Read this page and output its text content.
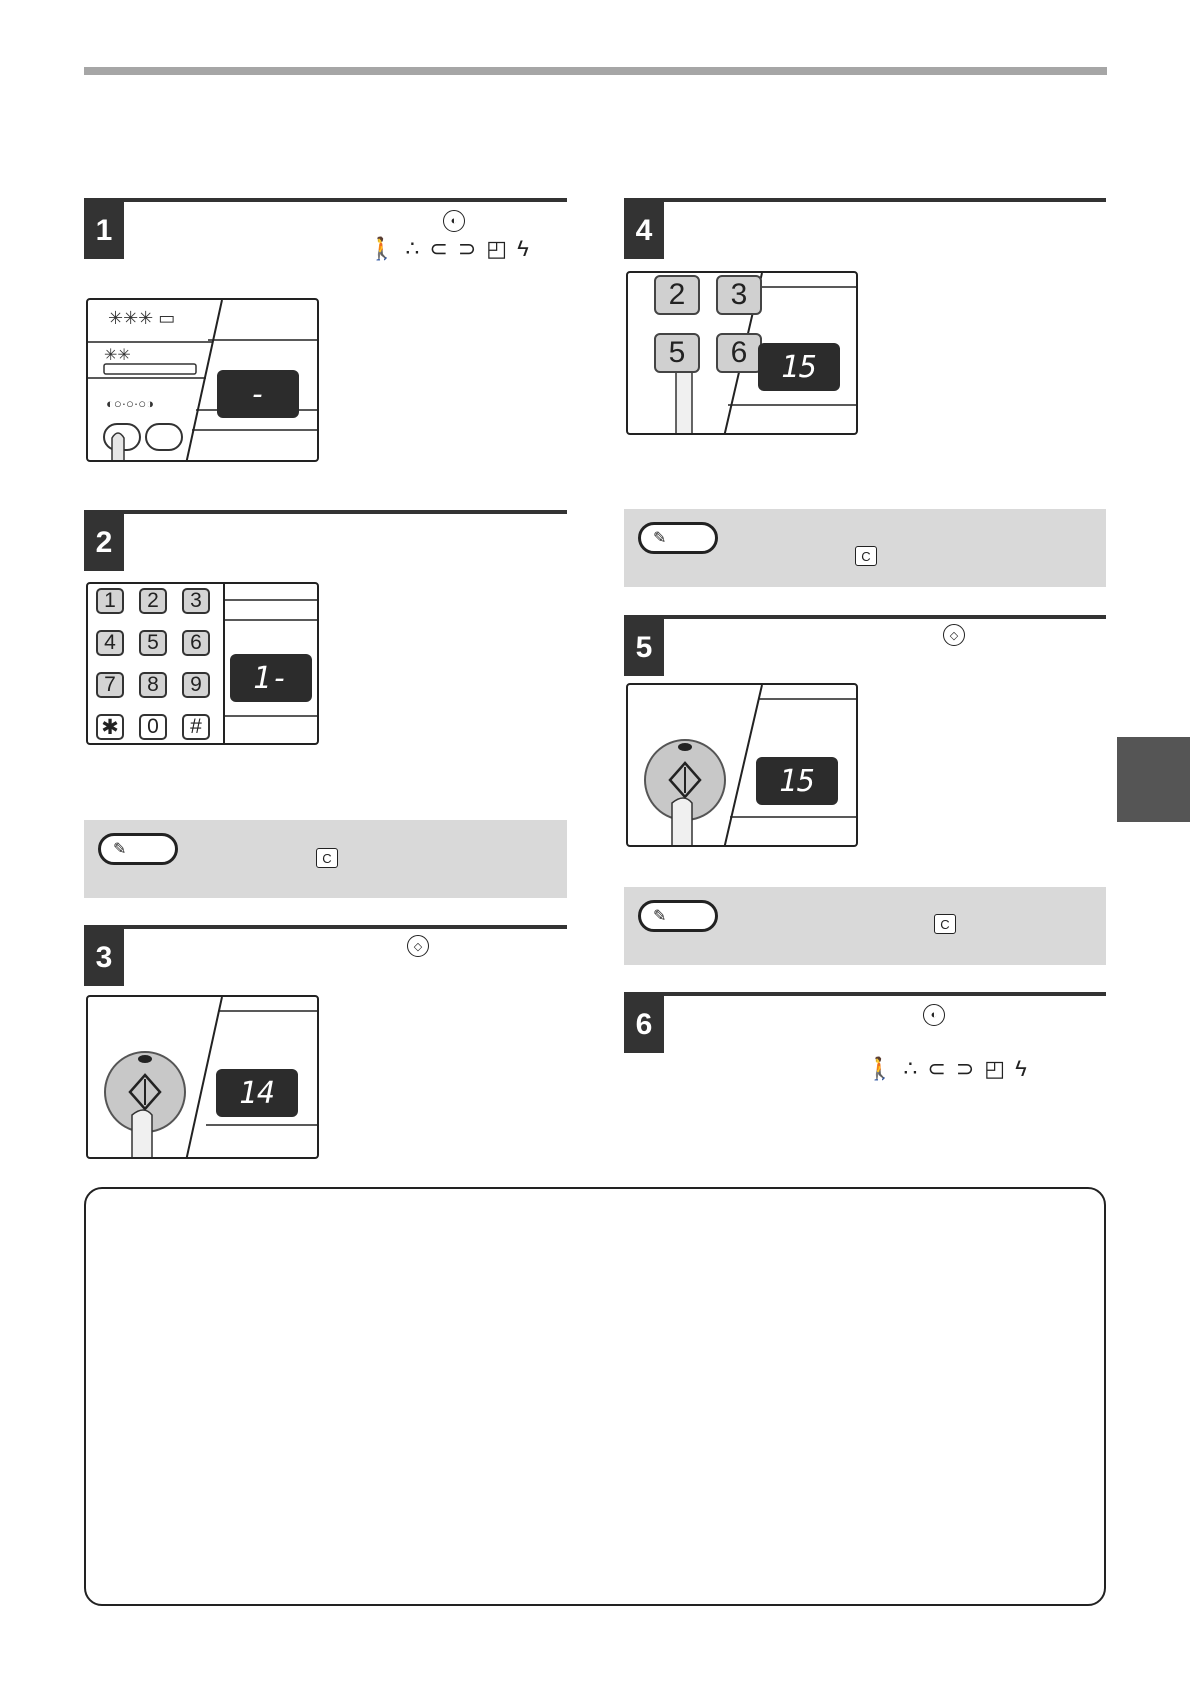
1	◐
🚶∴⊂⊃◰ϟ
✳✳✳ ▭
✳✳
◐○·○·○◑	-
2
1	2	3
4	5	6
7	8	9
✱	0	#
1-
✎	C
3	◇
14
4
2	3
5	6	15
✎
C
5	◇
15
✎	C
6	◐
🚶∴⊂⊃◰ϟ
